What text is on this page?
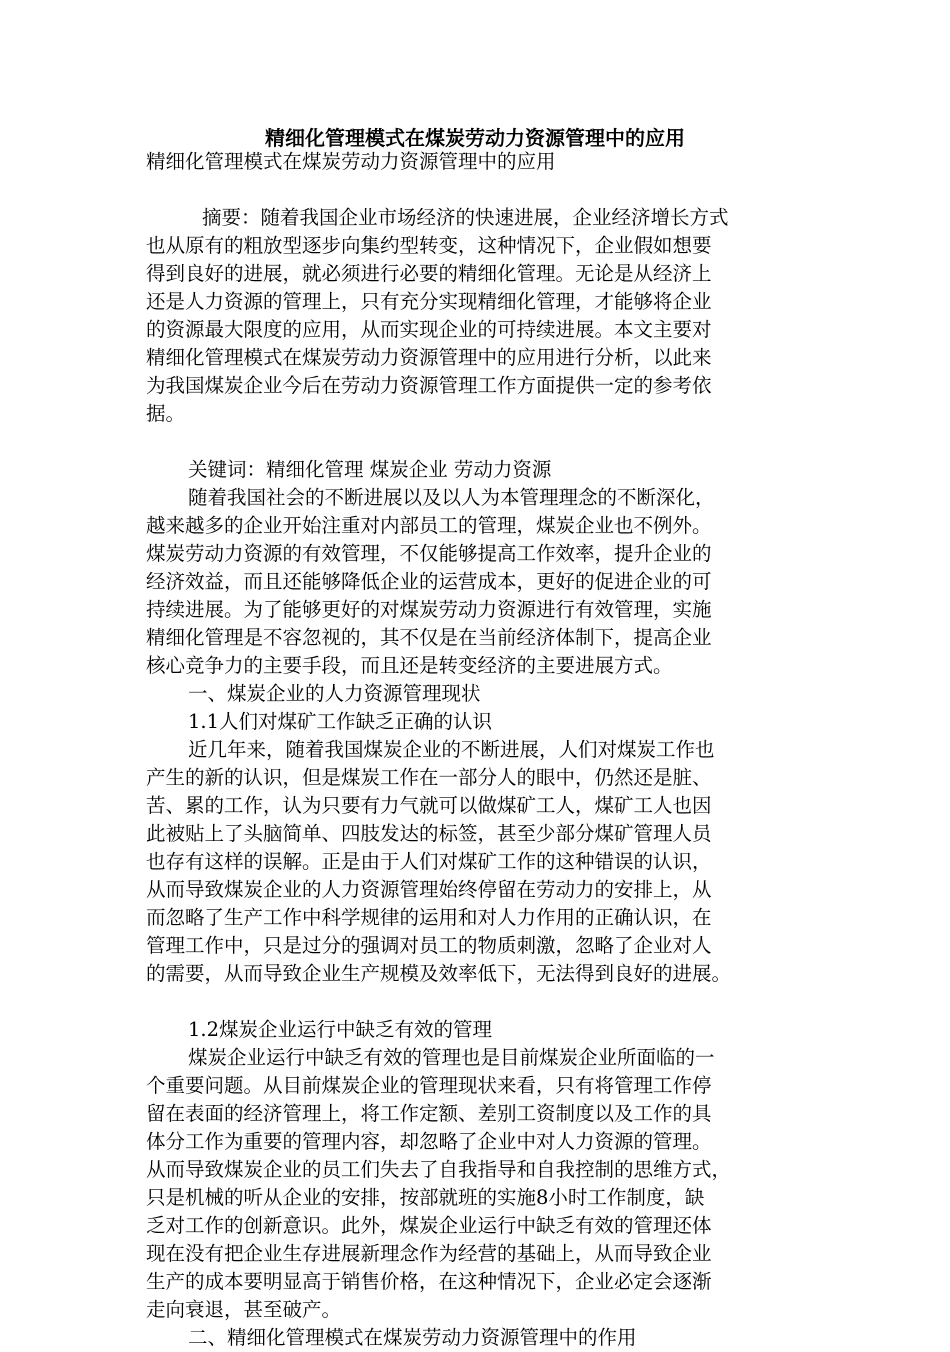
精细化管理模式在煤炭劳动力资源管理中的应用

精细化管理模式在煤炭劳动力资源管理中的应用

摘要：随着我国企业市场经济的快速进展，企业经济增长方式

也从原有的粗放型逐步向集约型转变，这种情况下，企业假如想要

得到良好的进展，就必须进行必要的精细化管理。无论是从经济上

还是人力资源的管理上，只有充分实现精细化管理，才能够将企业

的资源最大限度的应用，从而实现企业的可持续进展。本文主要对

精细化管理模式在煤炭劳动力资源管理中的应用进行分析，以此来

为我国煤炭企业今后在劳动力资源管理工作方面提供一定的参考依

据。

关键词：精细化管理 煤炭企业 劳动力资源

随着我国社会的不断进展以及以人为本管理理念的不断深化，

越来越多的企业开始注重对内部员工的管理，煤炭企业也不例外。

煤炭劳动力资源的有效管理，不仅能够提高工作效率，提升企业的

经济效益，而且还能够降低企业的运营成本，更好的促进企业的可

持续进展。为了能够更好的对煤炭劳动力资源进行有效管理，实施

精细化管理是不容忽视的，其不仅是在当前经济体制下，提高企业

核心竞争力的主要手段，而且还是转变经济的主要进展方式。

一、煤炭企业的人力资源管理现状

1.1人们对煤矿工作缺乏正确的认识

近几年来，随着我国煤炭企业的不断进展，人们对煤炭工作也

产生的新的认识，但是煤炭工作在一部分人的眼中，仍然还是脏、

苦、累的工作，认为只要有力气就可以做煤矿工人，煤矿工人也因

此被贴上了头脑简单、四肢发达的标签，甚至少部分煤矿管理人员

也存有这样的误解。正是由于人们对煤矿工作的这种错误的认识，

从而导致煤炭企业的人力资源管理始终停留在劳动力的安排上，从

而忽略了生产工作中科学规律的运用和对人力作用的正确认识，在

管理工作中，只是过分的强调对员工的物质刺激，忽略了企业对人

的需要，从而导致企业生产规模及效率低下，无法得到良好的进展。

1.2煤炭企业运行中缺乏有效的管理

煤炭企业运行中缺乏有效的管理也是目前煤炭企业所面临的一

个重要问题。从目前煤炭企业的管理现状来看，只有将管理工作停

留在表面的经济管理上，将工作定额、差别工资制度以及工作的具

体分工作为重要的管理内容，却忽略了企业中对人力资源的管理。

从而导致煤炭企业的员工们失去了自我指导和自我控制的思维方式，

只是机械的听从企业的安排，按部就班的实施8小时工作制度，缺

乏对工作的创新意识。此外，煤炭企业运行中缺乏有效的管理还体

现在没有把企业生存进展新理念作为经营的基础上，从而导致企业

生产的成本要明显高于销售价格，在这种情况下，企业必定会逐渐

走向衰退，甚至破产。

二、精细化管理模式在煤炭劳动力资源管理中的作用
